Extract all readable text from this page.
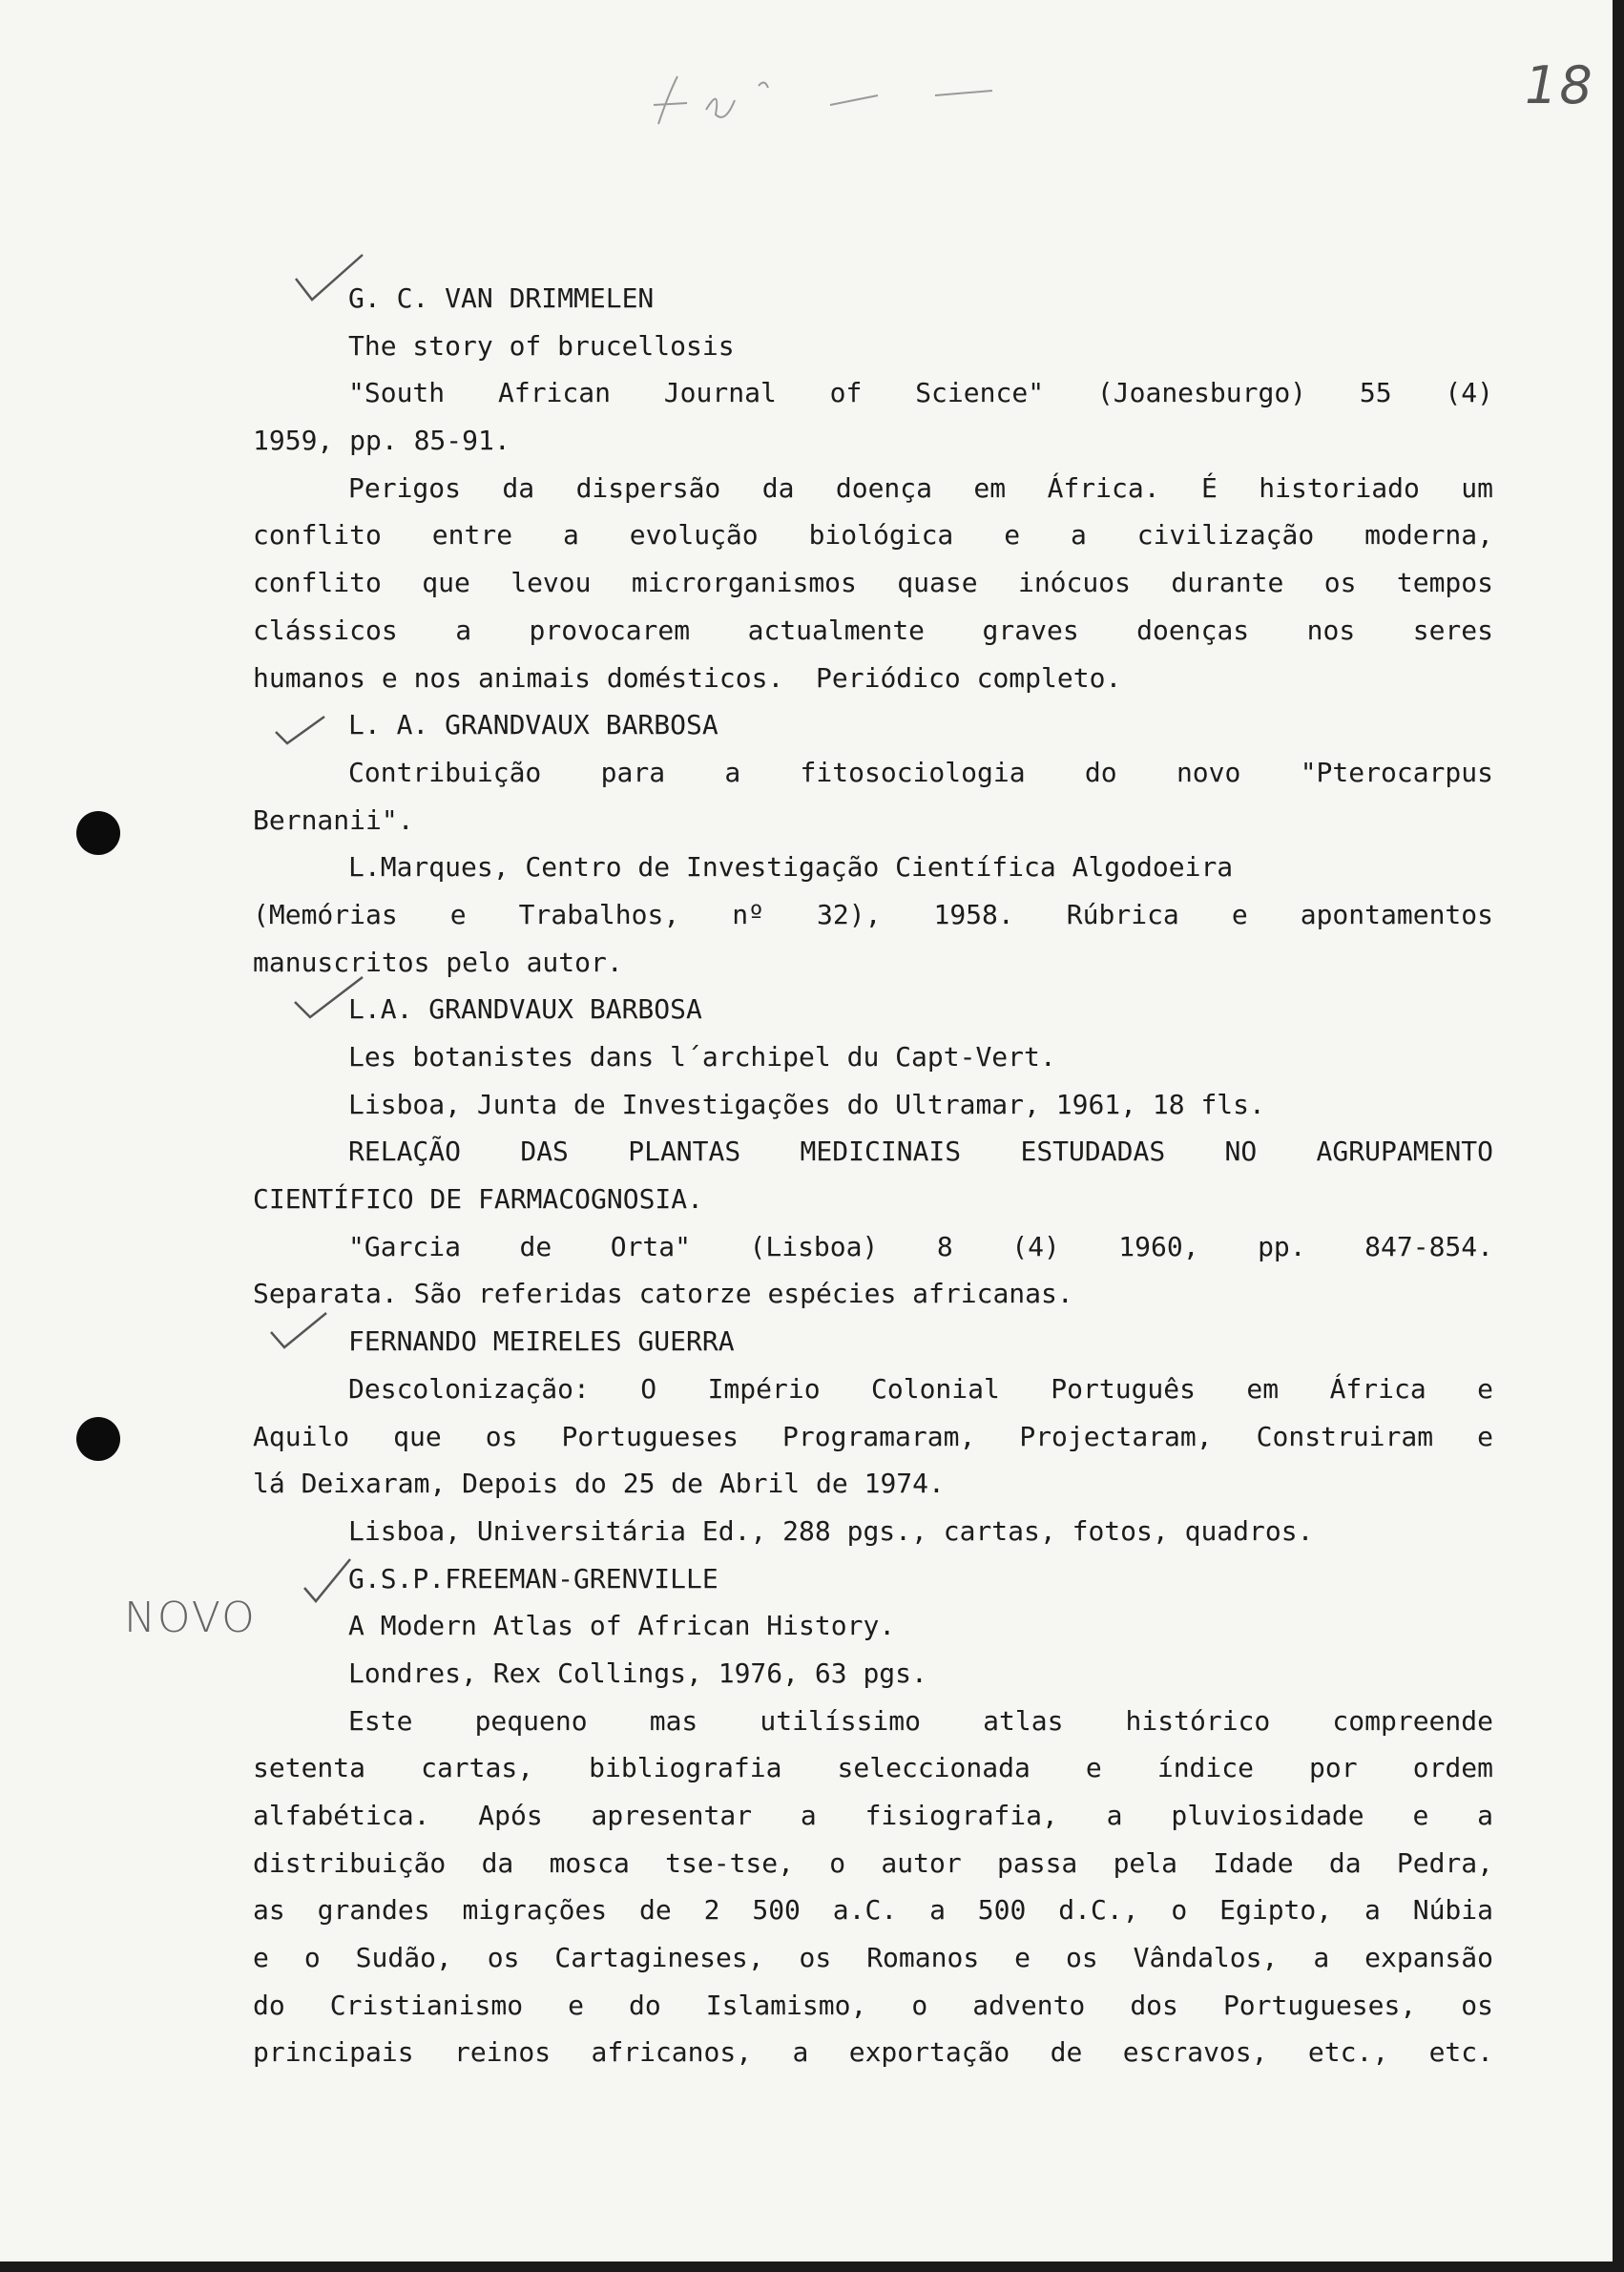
18
NOVO
G. C. VAN DRIMMELEN
The story of brucellosis
"South African Journal of Science" (Joanesburgo) 55 (4)
1959, pp. 85-91.
Perigos da dispersão da doença em África. É historiado um
conflito entre a evolução biológica e a civilização moderna,
conflito que levou microrganismos quase inócuos durante os tempos
clássicos a provocarem actualmente graves doenças nos seres
humanos e nos animais domésticos.  Periódico completo.
L. A. GRANDVAUX BARBOSA
Contribuição para a fitosociologia do novo "Pterocarpus
Bernanii".
L.Marques, Centro de Investigação Científica Algodoeira
(Memórias e Trabalhos, nº 32), 1958. Rúbrica e apontamentos
manuscritos pelo autor.
L.A. GRANDVAUX BARBOSA
Les botanistes dans l´archipel du Capt-Vert.
Lisboa, Junta de Investigações do Ultramar, 1961, 18 fls.
RELAÇÃO DAS PLANTAS MEDICINAIS ESTUDADAS NO AGRUPAMENTO
CIENTÍFICO DE FARMACOGNOSIA.
"Garcia de Orta" (Lisboa) 8 (4) 1960, pp. 847-854.
Separata. São referidas catorze espécies africanas.
FERNANDO MEIRELES GUERRA
Descolonização: O Império Colonial Português em África e
Aquilo que os Portugueses Programaram, Projectaram, Construiram e
lá Deixaram, Depois do 25 de Abril de 1974.
Lisboa, Universitária Ed., 288 pgs., cartas, fotos, quadros.
G.S.P.FREEMAN-GRENVILLE
A Modern Atlas of African History.
Londres, Rex Collings, 1976, 63 pgs.
Este pequeno mas utilíssimo atlas histórico compreende
setenta cartas, bibliografia seleccionada e índice por ordem
alfabética. Após apresentar a fisiografia, a pluviosidade e a
distribuição da mosca tse-tse, o autor passa pela Idade da Pedra,
as grandes migrações de 2 500 a.C. a 500 d.C., o Egipto, a Núbia
e o Sudão, os Cartagineses, os Romanos e os Vândalos, a expansão
do Cristianismo e do Islamismo, o advento dos Portugueses, os
principais reinos africanos, a exportação de escravos, etc., etc.
